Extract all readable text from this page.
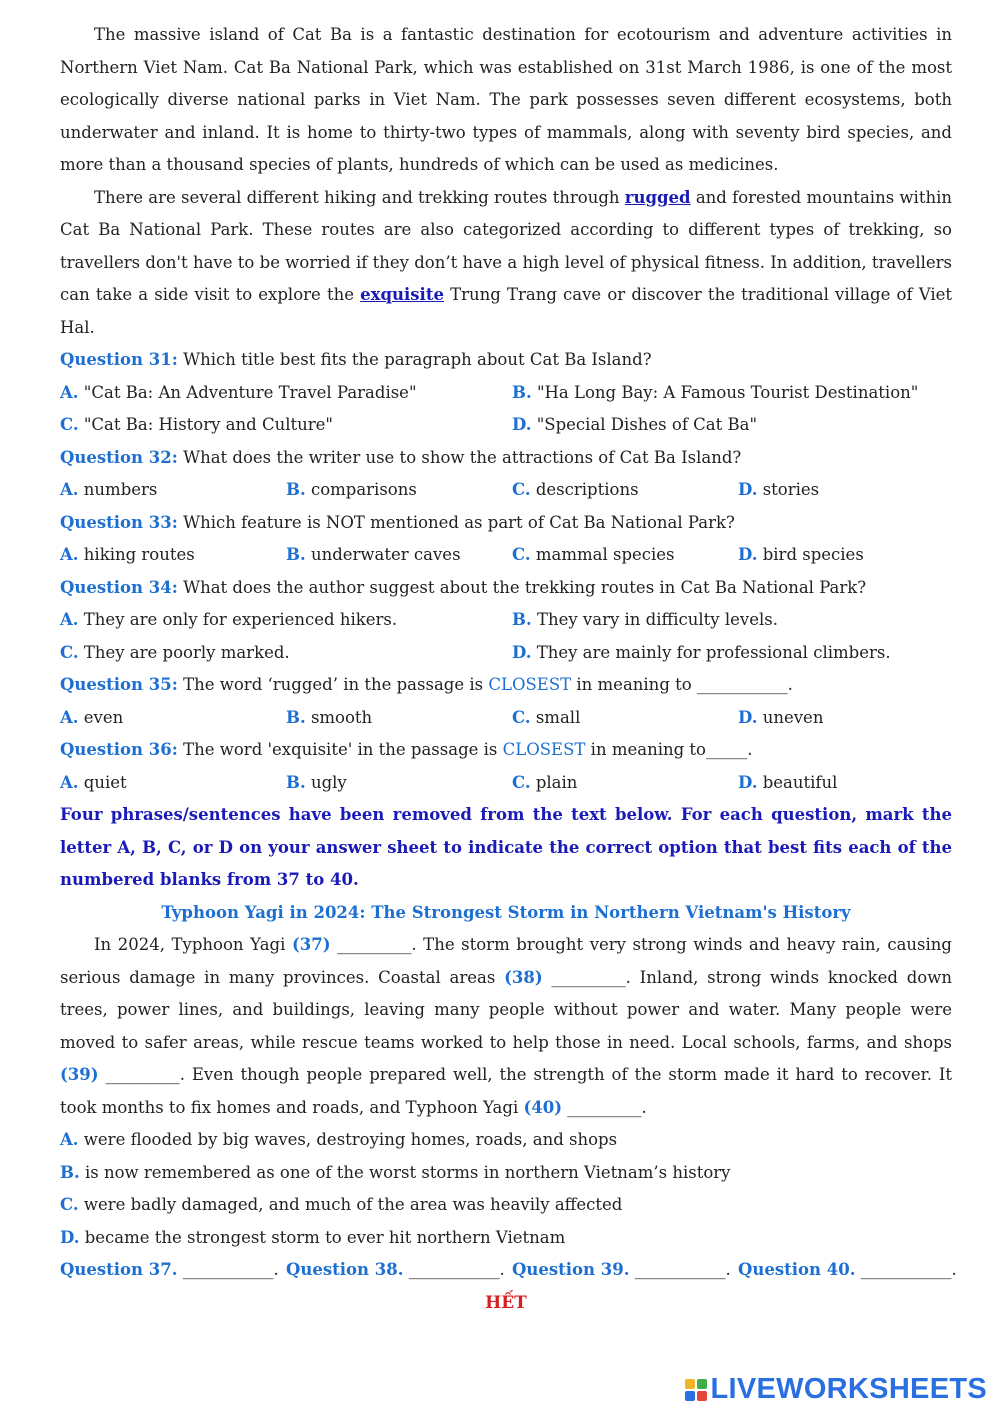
The massive island of Cat Ba is a fantastic destination for ecotourism and adventure activities in Northern Viet Nam. Cat Ba National Park, which was established on 31st March 1986, is one of the most ecologically diverse national parks in Viet Nam. The park possesses seven different ecosystems, both underwater and inland. It is home to thirty-two types of mammals, along with seventy bird species, and more than a thousand species of plants, hundreds of which can be used as medicines.

There are several different hiking and trekking routes through rugged and forested mountains within Cat Ba National Park. These routes are also categorized according to different types of trekking, so travellers don't have to be worried if they don’t have a high level of physical fitness. In addition, travellers can take a side visit to explore the exquisite Trung Trang cave or discover the traditional village of Viet Hal.

Question 31: Which title best fits the paragraph about Cat Ba Island?
A. "Cat Ba: An Adventure Travel Paradise"	B. "Ha Long Bay: A Famous Tourist Destination"
C. "Cat Ba: History and Culture"	D. "Special Dishes of Cat Ba"
Question 32: What does the writer use to show the attractions of Cat Ba Island?
A. numbers	B. comparisons	C. descriptions	D. stories
Question 33: Which feature is NOT mentioned as part of Cat Ba National Park?
A. hiking routes	B. underwater caves	C. mammal species	D. bird species
Question 34: What does the author suggest about the trekking routes in Cat Ba National Park?
A. They are only for experienced hikers.	B. They vary in difficulty levels.
C. They are poorly marked.	D. They are mainly for professional climbers.
Question 35: The word ‘rugged’ in the passage is CLOSEST in meaning to ___________.
A. even	B. smooth	C. small	D. uneven
Question 36: The word 'exquisite' in the passage is CLOSEST in meaning to_____.
A. quiet	B. ugly	C. plain	D. beautiful

Four phrases/sentences have been removed from the text below. For each question, mark the letter A, B, C, or D on your answer sheet to indicate the correct option that best fits each of the numbered blanks from 37 to 40.

Typhoon Yagi in 2024: The Strongest Storm in Northern Vietnam's History

In 2024, Typhoon Yagi (37) _________. The storm brought very strong winds and heavy rain, causing serious damage in many provinces. Coastal areas (38) _________. Inland, strong winds knocked down trees, power lines, and buildings, leaving many people without power and water. Many people were moved to safer areas, while rescue teams worked to help those in need. Local schools, farms, and shops (39) _________. Even though people prepared well, the strength of the storm made it hard to recover. It took months to fix homes and roads, and Typhoon Yagi (40) _________.

A. were flooded by big waves, destroying homes, roads, and shops
B. is now remembered as one of the worst storms in northern Vietnam’s history
C. were badly damaged, and much of the area was heavily affected
D. became the strongest storm to ever hit northern Vietnam
Question 37. ___________. Question 38. ___________. Question 39. ___________. Question 40. ___________.
HẾT
LIVEWORKSHEETS
